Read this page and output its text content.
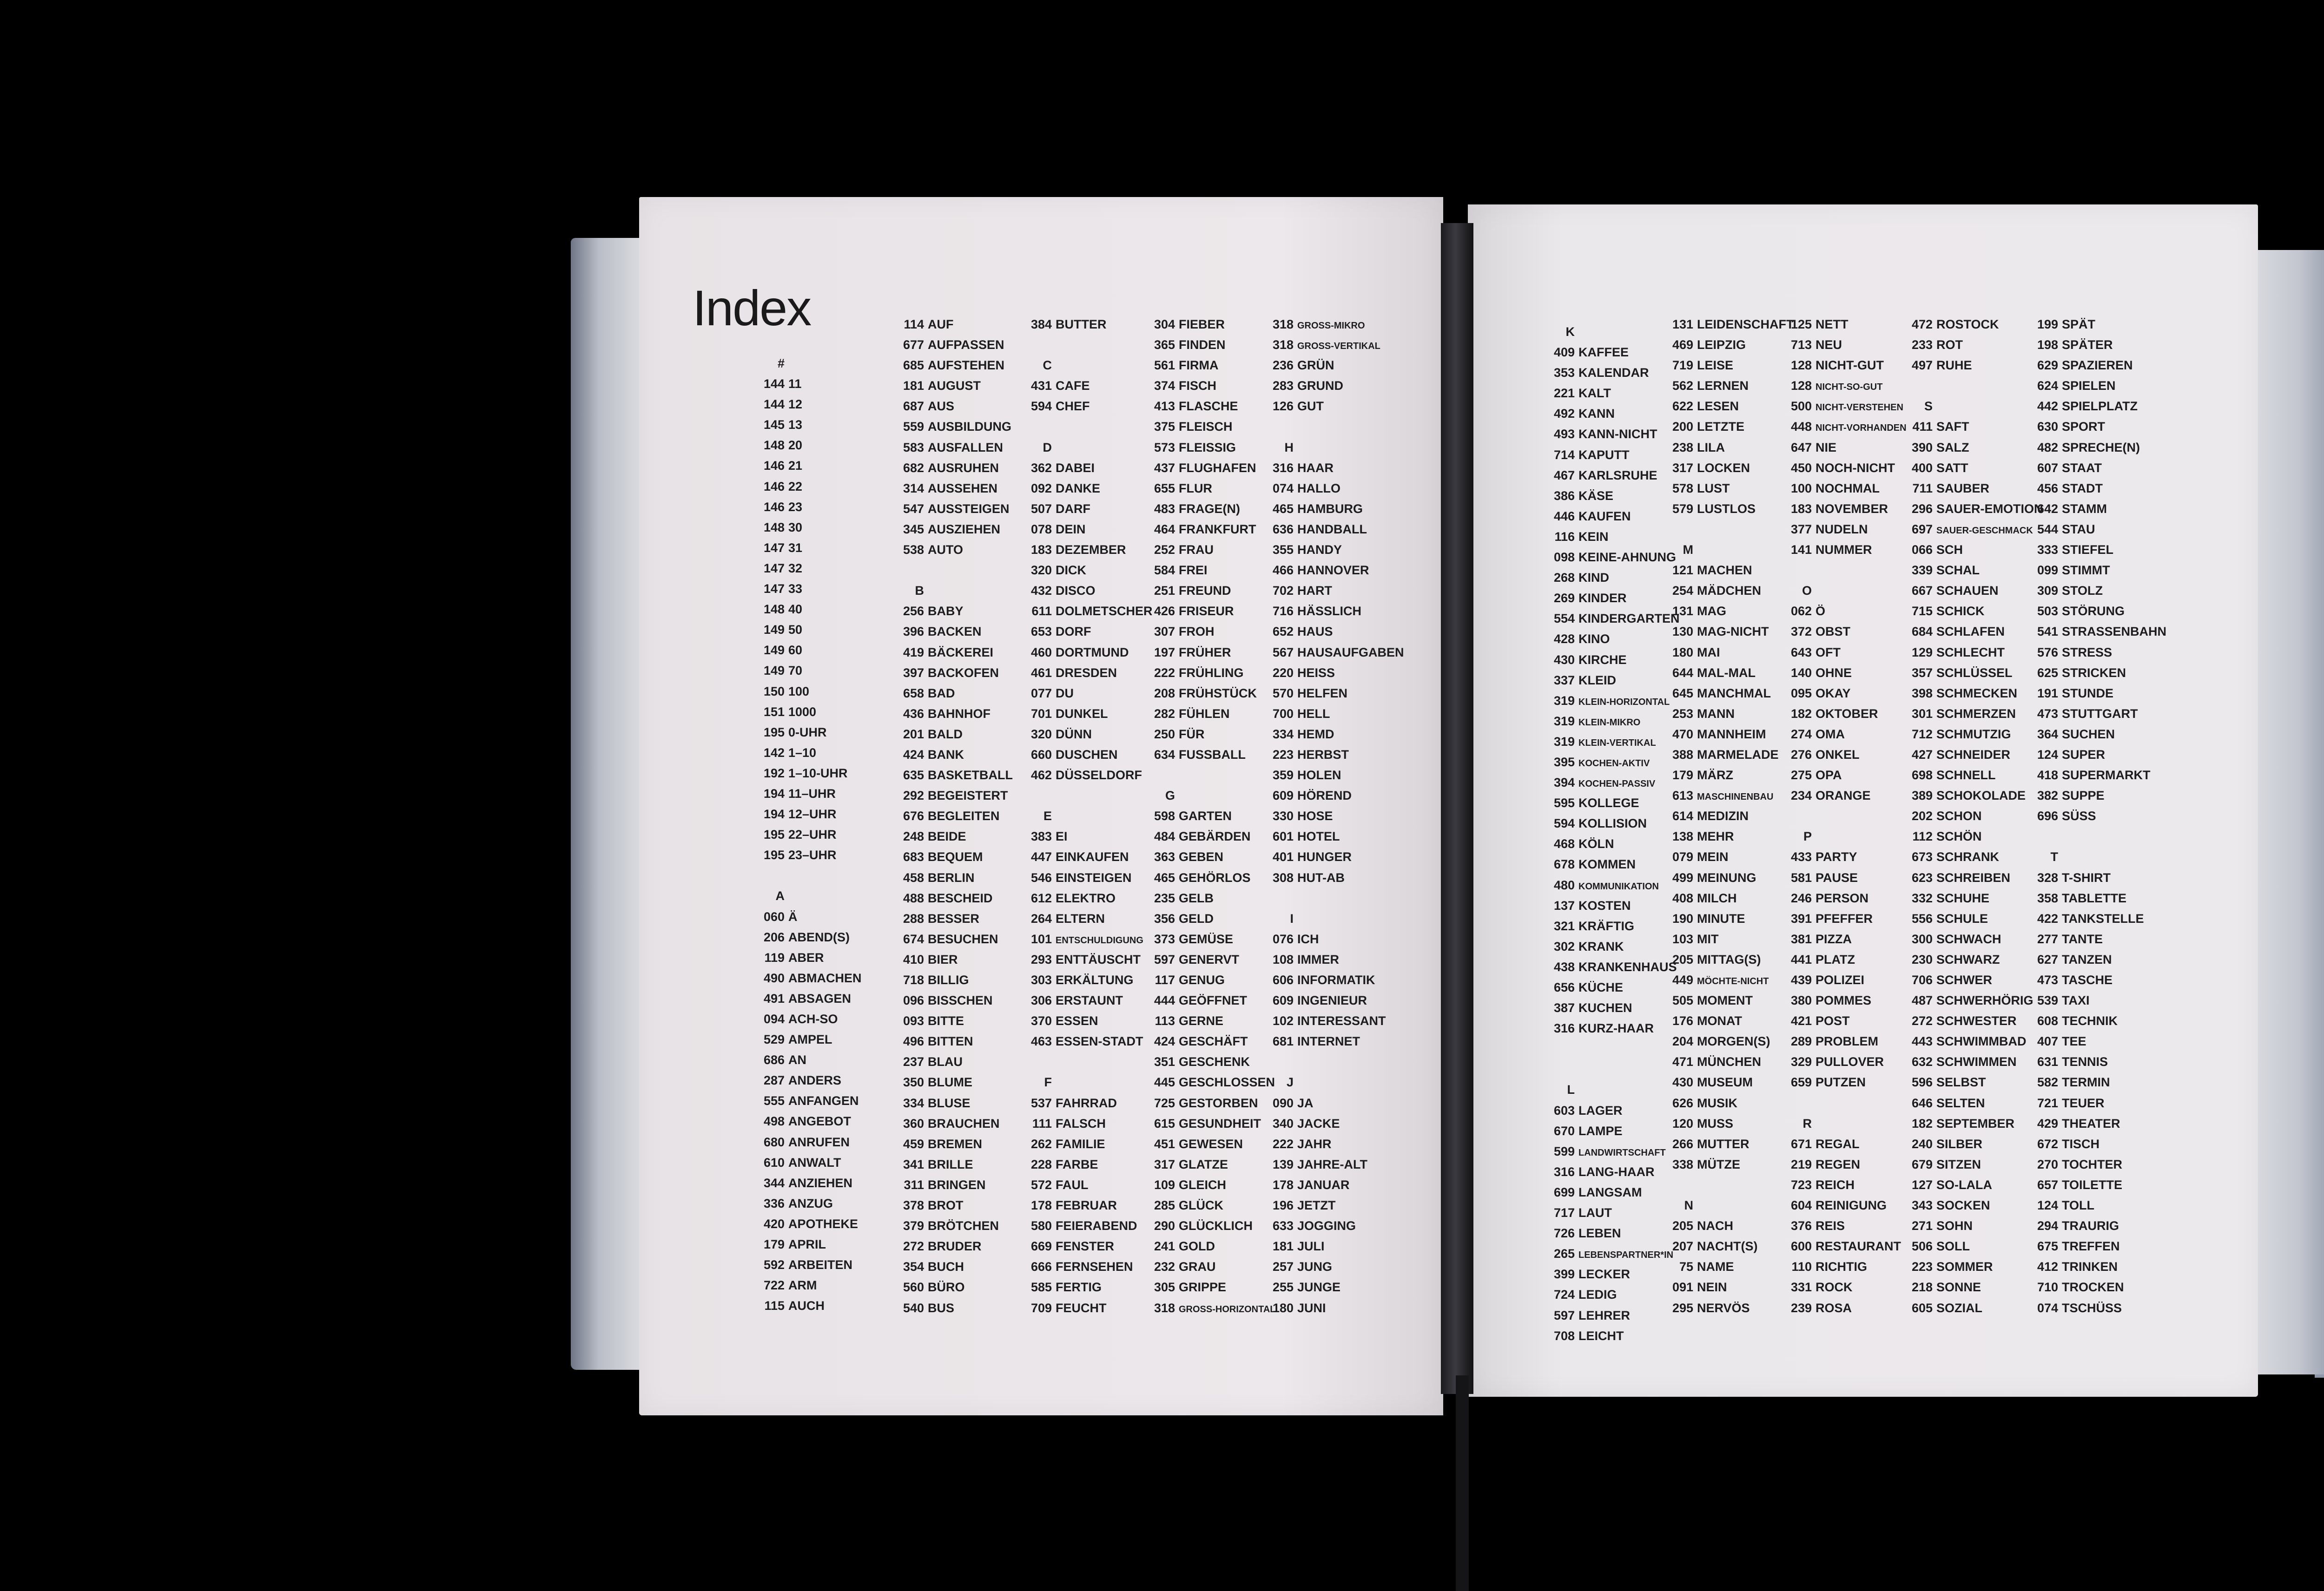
Index
#
144 11
144 12
145 13
148 20
146 21
146 22
146 23
148 30
147 31
147 32
147 33
148 40
149 50
149 60
149 70
150 100
151 1000
195 0-UHR
142 1–10
192 1–10-UHR
194 11–UHR
194 12–UHR
195 22–UHR
195 23–UHR
A
060 Ä
206 ABEND(S)
119 ABER
490 ABMACHEN
491 ABSAGEN
094 ACH-SO
529 AMPEL
686 AN
287 ANDERS
555 ANFANGEN
498 ANGEBOT
680 ANRUFEN
610 ANWALT
344 ANZIEHEN
336 ANZUG
420 APOTHEKE
179 APRIL
592 ARBEITEN
722 ARM
115 AUCH
114 AUF
677 AUFPASSEN
685 AUFSTEHEN
181 AUGUST
687 AUS
559 AUSBILDUNG
583 AUSFALLEN
682 AUSRUHEN
314 AUSSEHEN
547 AUSSTEIGEN
345 AUSZIEHEN
538 AUTO
B
256 BABY
396 BACKEN
419 BÄCKEREI
397 BACKOFEN
658 BAD
436 BAHNHOF
201 BALD
424 BANK
635 BASKETBALL
292 BEGEISTERT
676 BEGLEITEN
248 BEIDE
683 BEQUEM
458 BERLIN
488 BESCHEID
288 BESSER
674 BESUCHEN
410 BIER
718 BILLIG
096 BISSCHEN
093 BITTE
496 BITTEN
237 BLAU
350 BLUME
334 BLUSE
360 BRAUCHEN
459 BREMEN
341 BRILLE
311 BRINGEN
378 BROT
379 BRÖTCHEN
272 BRUDER
354 BUCH
560 BÜRO
540 BUS
384 BUTTER
C
431 CAFE
594 CHEF
D
362 DABEI
092 DANKE
507 DARF
078 DEIN
183 DEZEMBER
320 DICK
432 DISCO
611 DOLMETSCHER
653 DORF
460 DORTMUND
461 DRESDEN
077 DU
701 DUNKEL
320 DÜNN
660 DUSCHEN
462 DÜSSELDORF
E
383 EI
447 EINKAUFEN
546 EINSTEIGEN
612 ELEKTRO
264 ELTERN
101 ENTSCHULDIGUNG
293 ENTTÄUSCHT
303 ERKÄLTUNG
306 ERSTAUNT
370 ESSEN
463 ESSEN-STADT
F
537 FAHRRAD
111 FALSCH
262 FAMILIE
228 FARBE
572 FAUL
178 FEBRUAR
580 FEIERABEND
669 FENSTER
666 FERNSEHEN
585 FERTIG
709 FEUCHT
304 FIEBER
365 FINDEN
561 FIRMA
374 FISCH
413 FLASCHE
375 FLEISCH
573 FLEISSIG
437 FLUGHAFEN
655 FLUR
483 FRAGE(N)
464 FRANKFURT
252 FRAU
584 FREI
251 FREUND
426 FRISEUR
307 FROH
197 FRÜHER
222 FRÜHLING
208 FRÜHSTÜCK
282 FÜHLEN
250 FÜR
634 FUSSBALL
G
598 GARTEN
484 GEBÄRDEN
363 GEBEN
465 GEHÖRLOS
235 GELB
356 GELD
373 GEMÜSE
597 GENERVT
117 GENUG
444 GEÖFFNET
113 GERNE
424 GESCHÄFT
351 GESCHENK
445 GESCHLOSSEN
725 GESTORBEN
615 GESUNDHEIT
451 GEWESEN
317 GLATZE
109 GLEICH
285 GLÜCK
290 GLÜCKLICH
241 GOLD
232 GRAU
305 GRIPPE
318 GROSS-HORIZONTAL
318 GROSS-MIKRO
318 GROSS-VERTIKAL
236 GRÜN
283 GRUND
126 GUT
H
316 HAAR
074 HALLO
465 HAMBURG
636 HANDBALL
355 HANDY
466 HANNOVER
702 HART
716 HÄSSLICH
652 HAUS
567 HAUSAUFGABEN
220 HEISS
570 HELFEN
700 HELL
334 HEMD
223 HERBST
359 HOLEN
609 HÖREND
330 HOSE
601 HOTEL
401 HUNGER
308 HUT-AB
I
076 ICH
108 IMMER
606 INFORMATIK
609 INGENIEUR
102 INTERESSANT
681 INTERNET
J
090 JA
340 JACKE
222 JAHR
139 JAHRE-ALT
178 JANUAR
196 JETZT
633 JOGGING
181 JULI
257 JUNG
255 JUNGE
180 JUNI
K
409 KAFFEE
353 KALENDAR
221 KALT
492 KANN
493 KANN-NICHT
714 KAPUTT
467 KARLSRUHE
386 KÄSE
446 KAUFEN
116 KEIN
098 KEINE-AHNUNG
268 KIND
269 KINDER
554 KINDERGARTEN
428 KINO
430 KIRCHE
337 KLEID
319 KLEIN-HORIZONTAL
319 KLEIN-MIKRO
319 KLEIN-VERTIKAL
395 KOCHEN-AKTIV
394 KOCHEN-PASSIV
595 KOLLEGE
594 KOLLISION
468 KÖLN
678 KOMMEN
480 KOMMUNIKATION
137 KOSTEN
321 KRÄFTIG
302 KRANK
438 KRANKENHAUS
656 KÜCHE
387 KUCHEN
316 KURZ-HAAR
L
603 LAGER
670 LAMPE
599 LANDWIRTSCHAFT
316 LANG-HAAR
699 LANGSAM
717 LAUT
726 LEBEN
265 LEBENSPARTNER*IN
399 LECKER
724 LEDIG
597 LEHRER
708 LEICHT
131 LEIDENSCHAFT
469 LEIPZIG
719 LEISE
562 LERNEN
622 LESEN
200 LETZTE
238 LILA
317 LOCKEN
578 LUST
579 LUSTLOS
M
121 MACHEN
254 MÄDCHEN
131 MAG
130 MAG-NICHT
180 MAI
644 MAL-MAL
645 MANCHMAL
253 MANN
470 MANNHEIM
388 MARMELADE
179 MÄRZ
613 MASCHINENBAU
614 MEDIZIN
138 MEHR
079 MEIN
499 MEINUNG
408 MILCH
190 MINUTE
103 MIT
205 MITTAG(S)
449 MÖCHTE-NICHT
505 MOMENT
176 MONAT
204 MORGEN(S)
471 MÜNCHEN
430 MUSEUM
626 MUSIK
120 MUSS
266 MUTTER
338 MÜTZE
N
205 NACH
207 NACHT(S)
75 NAME
091 NEIN
295 NERVÖS
125 NETT
713 NEU
128 NICHT-GUT
128 NICHT-SO-GUT
500 NICHT-VERSTEHEN
448 NICHT-VORHANDEN
647 NIE
450 NOCH-NICHT
100 NOCHMAL
183 NOVEMBER
377 NUDELN
141 NUMMER
O
062 Ö
372 OBST
643 OFT
140 OHNE
095 OKAY
182 OKTOBER
274 OMA
276 ONKEL
275 OPA
234 ORANGE
P
433 PARTY
581 PAUSE
246 PERSON
391 PFEFFER
381 PIZZA
441 PLATZ
439 POLIZEI
380 POMMES
421 POST
289 PROBLEM
329 PULLOVER
659 PUTZEN
R
671 REGAL
219 REGEN
723 REICH
604 REINIGUNG
376 REIS
600 RESTAURANT
110 RICHTIG
331 ROCK
239 ROSA
472 ROSTOCK
233 ROT
497 RUHE
S
411 SAFT
390 SALZ
400 SATT
711 SAUBER
296 SAUER-EMOTION
697 SAUER-GESCHMACK
066 SCH
339 SCHAL
667 SCHAUEN
715 SCHICK
684 SCHLAFEN
129 SCHLECHT
357 SCHLÜSSEL
398 SCHMECKEN
301 SCHMERZEN
712 SCHMUTZIG
427 SCHNEIDER
698 SCHNELL
389 SCHOKOLADE
202 SCHON
112 SCHÖN
673 SCHRANK
623 SCHREIBEN
332 SCHUHE
556 SCHULE
300 SCHWACH
230 SCHWARZ
706 SCHWER
487 SCHWERHÖRIG
272 SCHWESTER
443 SCHWIMMBAD
632 SCHWIMMEN
596 SELBST
646 SELTEN
182 SEPTEMBER
240 SILBER
679 SITZEN
127 SO-LALA
343 SOCKEN
271 SOHN
506 SOLL
223 SOMMER
218 SONNE
605 SOZIAL
199 SPÄT
198 SPÄTER
629 SPAZIEREN
624 SPIELEN
442 SPIELPLATZ
630 SPORT
482 SPRECHE(N)
607 STAAT
456 STADT
642 STAMM
544 STAU
333 STIEFEL
099 STIMMT
309 STOLZ
503 STÖRUNG
541 STRASSENBAHN
576 STRESS
625 STRICKEN
191 STUNDE
473 STUTTGART
364 SUCHEN
124 SUPER
418 SUPERMARKT
382 SUPPE
696 SÜSS
T
328 T-SHIRT
358 TABLETTE
422 TANKSTELLE
277 TANTE
627 TANZEN
473 TASCHE
539 TAXI
608 TECHNIK
407 TEE
631 TENNIS
582 TERMIN
721 TEUER
429 THEATER
672 TISCH
270 TOCHTER
657 TOILETTE
124 TOLL
294 TRAURIG
675 TREFFEN
412 TRINKEN
710 TROCKEN
074 TSCHÜSS
